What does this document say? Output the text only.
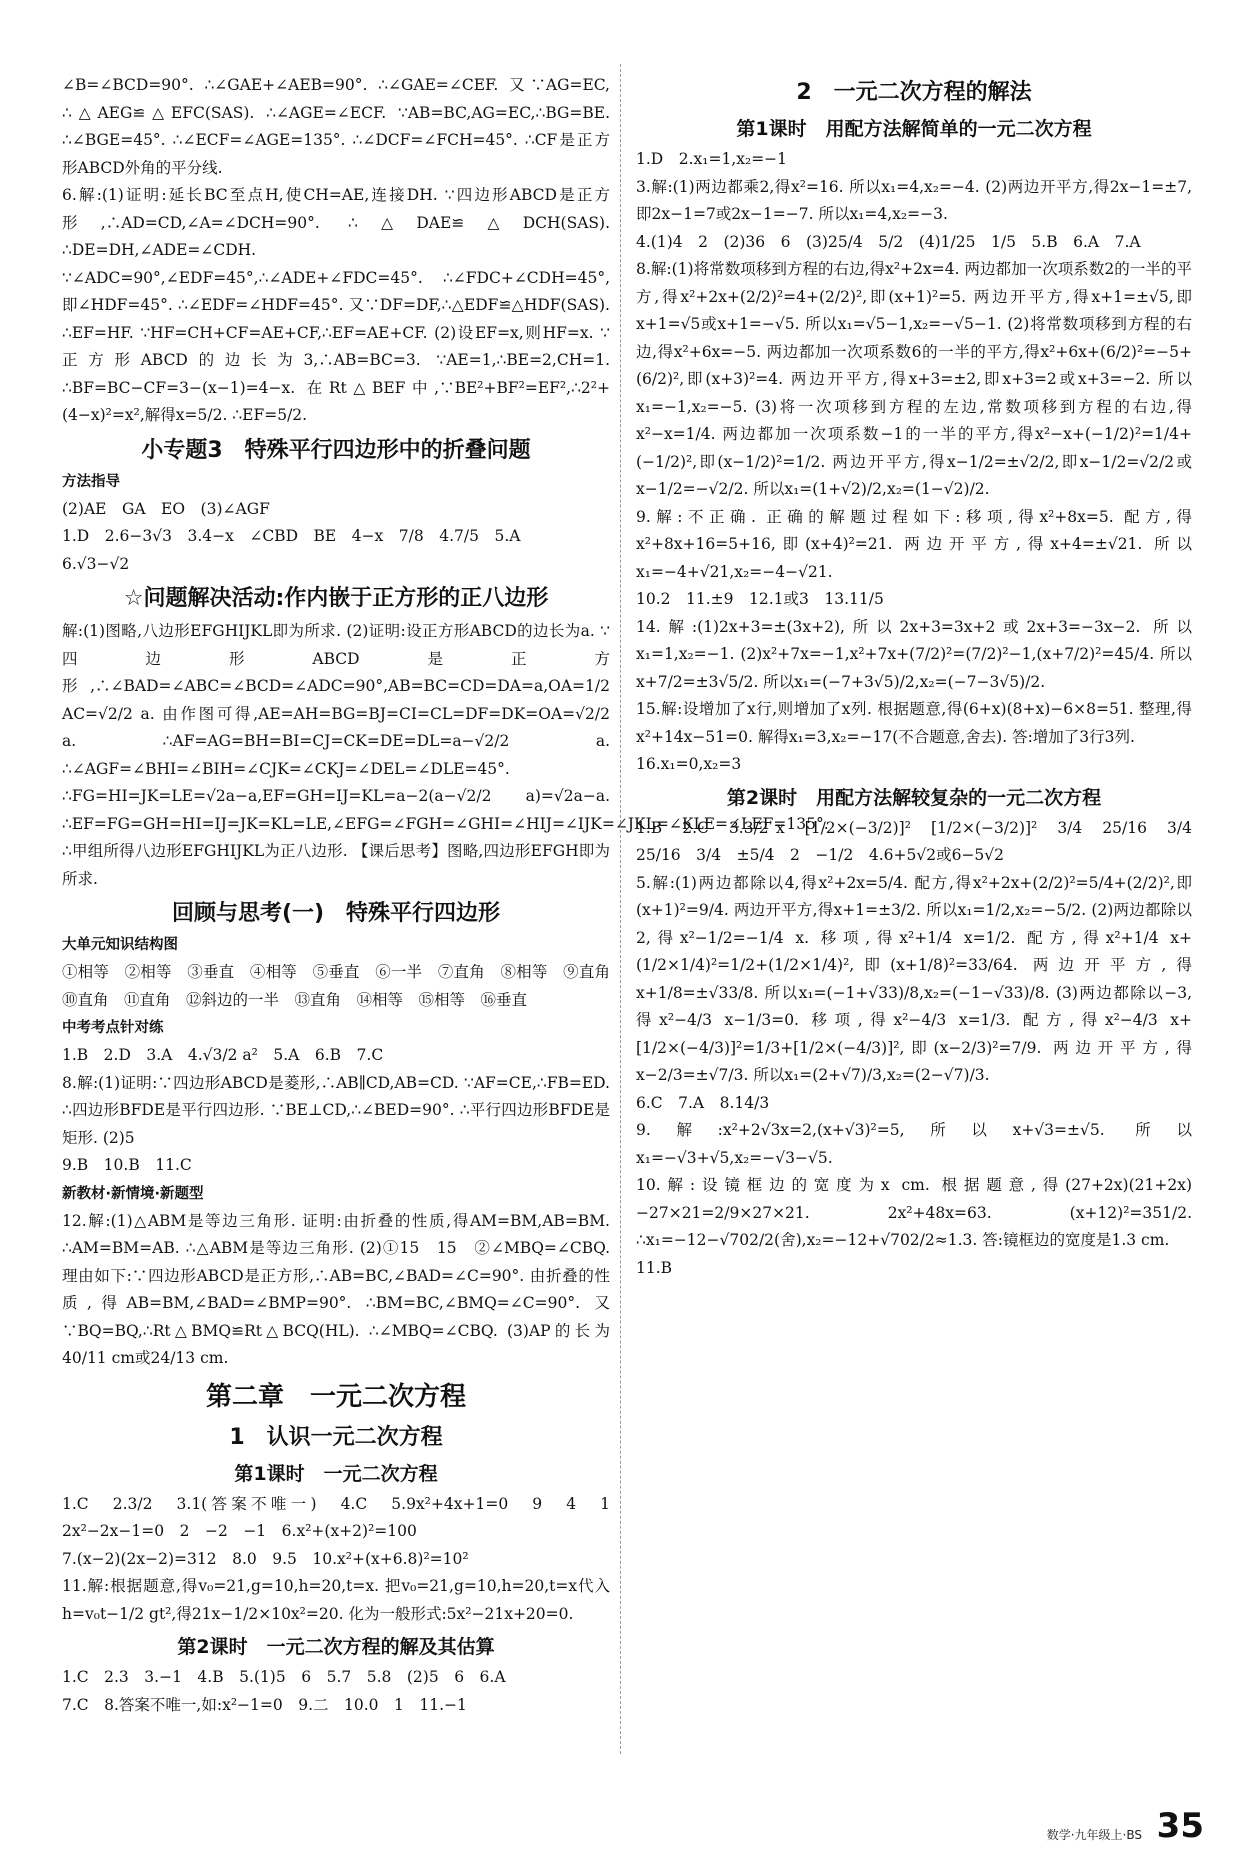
∠B=∠BCD=90°. ∴∠GAE+∠AEB=90°. ∴∠GAE=∠CEF. 又∵AG=EC, ∴△AEG≌△EFC(SAS). ∴∠AGE=∠ECF. ∵AB=BC,AG=EC,∴BG=BE. ∴∠BGE=45°. ∴∠ECF=∠AGE=135°. ∴∠DCF=∠FCH=45°. ∴CF是正方形ABCD外角的平分线.

6.解:(1)证明:延长BC至点H,使CH=AE,连接DH. ∵四边形ABCD是正方形,∴AD=CD,∠A=∠DCH=90°. ∴△DAE≌△DCH(SAS). ∴DE=DH,∠ADE=∠CDH. ∵∠ADC=90°,∠EDF=45°,∴∠ADE+∠FDC=45°. ∴∠FDC+∠CDH=45°,即∠HDF=45°. ∴∠EDF=∠HDF=45°. 又∵DF=DF,∴△EDF≌△HDF(SAS). ∴EF=HF. ∵HF=CH+CF=AE+CF,∴EF=AE+CF. (2)设EF=x,则HF=x. ∵正方形ABCD的边长为3,∴AB=BC=3. ∵AE=1,∴BE=2,CH=1. ∴BF=BC−CF=3−(x−1)=4−x. 在Rt△BEF中,∵BE²+BF²=EF²,∴2²+(4−x)²=x²,解得x=5/2. ∴EF=5/2.

小专题3　特殊平行四边形中的折叠问题
方法指导

(2)AE　GA　EO　(3)∠AGF

1.D　2.6−3√3　3.4−x　∠CBD　BE　4−x　7/8　4.7/5　5.A

6.√3−√2

☆问题解决活动:作内嵌于正方形的正八边形

解:(1)图略,八边形EFGHIJKL即为所求. (2)证明:设正方形ABCD的边长为a. ∵四边形ABCD是正方形,∴∠BAD=∠ABC=∠BCD=∠ADC=90°,AB=BC=CD=DA=a,OA=1/2 AC=√2/2 a. 由作图可得,AE=AH=BG=BJ=CI=CL=DF=DK=OA=√2/2 a. ∴AF=AG=BH=BI=CJ=CK=DE=DL=a−√2/2 a. ∴∠AGF=∠BHI=∠BIH=∠CJK=∠CKJ=∠DEL=∠DLE=45°. ∴FG=HI=JK=LE=√2a−a,EF=GH=IJ=KL=a−2(a−√2/2 a)=√2a−a. ∴EF=FG=GH=HI=IJ=JK=KL=LE,∠EFG=∠FGH=∠GHI=∠HIJ=∠IJK=∠JKL=∠KLE=∠LEF=135°. ∴甲组所得八边形EFGHIJKL为正八边形. 【课后思考】图略,四边形EFGH即为所求.

回顾与思考(一)　特殊平行四边形
大单元知识结构图

①相等　②相等　③垂直　④相等　⑤垂直　⑥一半　⑦直角　⑧相等　⑨直角　⑩直角　⑪直角　⑫斜边的一半　⑬直角　⑭相等　⑮相等　⑯垂直

中考考点针对练

1.B　2.D　3.A　4.√3/2 a²　5.A　6.B　7.C

8.解:(1)证明:∵四边形ABCD是菱形,∴AB∥CD,AB=CD. ∵AF=CE,∴FB=ED. ∴四边形BFDE是平行四边形. ∵BE⊥CD,∴∠BED=90°. ∴平行四边形BFDE是矩形. (2)5

9.B　10.B　11.C

新教材·新情境·新题型

12.解:(1)△ABM是等边三角形. 证明:由折叠的性质,得AM=BM,AB=BM. ∴AM=BM=AB. ∴△ABM是等边三角形. (2)①15　15　②∠MBQ=∠CBQ. 理由如下:∵四边形ABCD是正方形,∴AB=BC,∠BAD=∠C=90°. 由折叠的性质,得AB=BM,∠BAD=∠BMP=90°. ∴BM=BC,∠BMQ=∠C=90°. 又∵BQ=BQ,∴Rt△BMQ≌Rt△BCQ(HL). ∴∠MBQ=∠CBQ. (3)AP的长为40/11 cm或24/13 cm.

第二章　一元二次方程
1　认识一元二次方程
第1课时　一元二次方程

1.C　2.3/2　3.1(答案不唯一)　4.C　5.9x²+4x+1=0　9　4　1　2x²−2x−1=0　2　−2　−1　6.x²+(x+2)²=100

7.(x−2)(2x−2)=312　8.0　9.5　10.x²+(x+6.8)²=10²

11.解:根据题意,得v₀=21,g=10,h=20,t=x. 把v₀=21,g=10,h=20,t=x代入h=v₀t−1/2 gt²,得21x−1/2×10x²=20. 化为一般形式:5x²−21x+20=0.

第2课时　一元二次方程的解及其估算

1.C　2.3　3.−1　4.B　5.(1)5　6　5.7　5.8　(2)5　6　6.A

7.C　8.答案不唯一,如:x²−1=0　9.二　10.0　1　11.−1

2　一元二次方程的解法
第1课时　用配方法解简单的一元二次方程

1.D　2.x₁=1,x₂=−1

3.解:(1)两边都乘2,得x²=16. 所以x₁=4,x₂=−4. (2)两边开平方,得2x−1=±7,即2x−1=7或2x−1=−7. 所以x₁=4,x₂=−3.

4.(1)4　2　(2)36　6　(3)25/4　5/2　(4)1/25　1/5　5.B　6.A　7.A

8.解:(1)将常数项移到方程的右边,得x²+2x=4. 两边都加一次项系数2的一半的平方,得x²+2x+(2/2)²=4+(2/2)²,即(x+1)²=5. 两边开平方,得x+1=±√5,即x+1=√5或x+1=−√5. 所以x₁=√5−1,x₂=−√5−1. (2)将常数项移到方程的右边,得x²+6x=−5. 两边都加一次项系数6的一半的平方,得x²+6x+(6/2)²=−5+(6/2)²,即(x+3)²=4. 两边开平方,得x+3=±2,即x+3=2或x+3=−2. 所以x₁=−1,x₂=−5. (3)将一次项移到方程的左边,常数项移到方程的右边,得x²−x=1/4. 两边都加一次项系数−1的一半的平方,得x²−x+(−1/2)²=1/4+(−1/2)²,即(x−1/2)²=1/2. 两边开平方,得x−1/2=±√2/2,即x−1/2=√2/2或x−1/2=−√2/2. 所以x₁=(1+√2)/2,x₂=(1−√2)/2.

9.解:不正确. 正确的解题过程如下:移项,得x²+8x=5. 配方,得x²+8x+16=5+16,即(x+4)²=21. 两边开平方,得x+4=±√21. 所以x₁=−4+√21,x₂=−4−√21.

10.2　11.±9　12.1或3　13.11/5

14.解:(1)2x+3=±(3x+2),所以2x+3=3x+2或2x+3=−3x−2. 所以x₁=1,x₂=−1. (2)x²+7x=−1,x²+7x+(7/2)²=(7/2)²−1,(x+7/2)²=45/4. 所以x+7/2=±3√5/2. 所以x₁=(−7+3√5)/2,x₂=(−7−3√5)/2.

15.解:设增加了x行,则增加了x列. 根据题意,得(6+x)(8+x)−6×8=51. 整理,得x²+14x−51=0. 解得x₁=3,x₂=−17(不合题意,舍去). 答:增加了3行3列.

16.x₁=0,x₂=3

第2课时　用配方法解较复杂的一元二次方程

1.B　2.C　3.3/2 x　[1/2×(−3/2)]²　[1/2×(−3/2)]²　3/4　25/16　3/4　25/16　3/4　±5/4　2　−1/2　4.6+5√2或6−5√2

5.解:(1)两边都除以4,得x²+2x=5/4. 配方,得x²+2x+(2/2)²=5/4+(2/2)²,即(x+1)²=9/4. 两边开平方,得x+1=±3/2. 所以x₁=1/2,x₂=−5/2. (2)两边都除以2,得x²−1/2=−1/4 x. 移项,得x²+1/4 x=1/2. 配方,得x²+1/4 x+(1/2×1/4)²=1/2+(1/2×1/4)²,即(x+1/8)²=33/64. 两边开平方,得x+1/8=±√33/8. 所以x₁=(−1+√33)/8,x₂=(−1−√33)/8. (3)两边都除以−3,得x²−4/3 x−1/3=0. 移项,得x²−4/3 x=1/3. 配方,得x²−4/3 x+[1/2×(−4/3)]²=1/3+[1/2×(−4/3)]²,即(x−2/3)²=7/9. 两边开平方,得x−2/3=±√7/3. 所以x₁=(2+√7)/3,x₂=(2−√7)/3.

6.C　7.A　8.14/3

9.解:x²+2√3x=2,(x+√3)²=5,所以x+√3=±√5. 所以x₁=−√3+√5,x₂=−√3−√5.

10.解:设镜框边的宽度为x cm. 根据题意,得(27+2x)(21+2x)−27×21=2/9×27×21. 2x²+48x=63. (x+12)²=351/2. ∴x₁=−12−√702/2(舍),x₂=−12+√702/2≈1.3. 答:镜框边的宽度是1.3 cm.

11.B

数学·九年级上·BS 35
